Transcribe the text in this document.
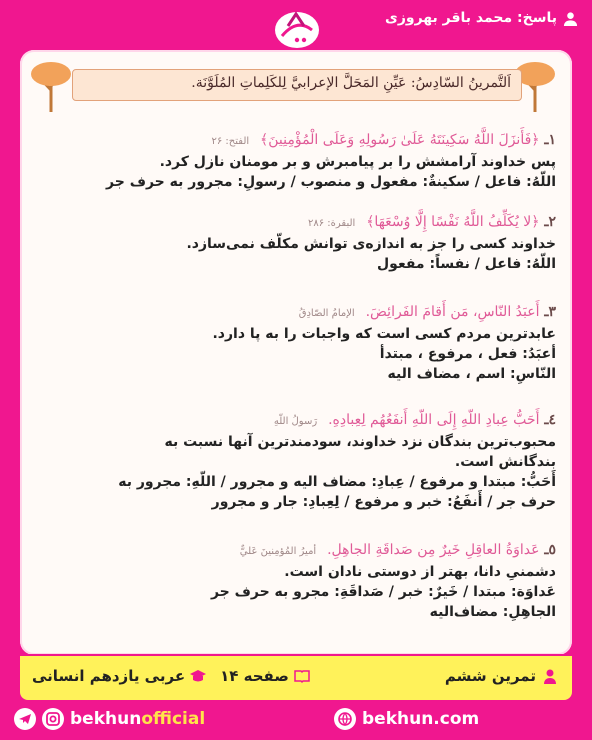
پاسخ: محمد باقر بهروزی
اَلتَّمرينُ السّادِسُ: عَيِّنِ المَحَلَّ الإعرابيَّ لِلكَلِماتِ المُلَوَّنَة.
۱ـ ﴿فَأَنزَلَ اللَّهُ سَكِينَتَهُ عَلَىٰ رَسُولِهِ وَعَلَى الْمُؤْمِنِينَ﴾ الفتح: ۲۶
پس خداوند آرامشش را بر پیامبرش و بر مومنان نازل کرد.
اللّهُ: فاعل / سکینةٌ: مفعول و منصوب / رسولِ: مجرور به حرف جر
۲ـ ﴿لا يُكَلِّفُ اللَّهُ نَفْسًا إِلَّا وُسْعَهَا﴾ البقرة: ۲۸۶
خداوند کسی را جز به اندازه‌ی توانش مکلّف نمی‌سازد.
اللّهُ: فاعل / نفساً: مفعول
۳ـ أَعبَدُ النّاسِ، مَن أَقامَ الفَرائِضَ. الإمامُ الصّادِقُ
عابدترین مردم کسی است که واجبات را به پا دارد.
أعبَدُ: فعل ، مرفوع ، مبتدأ
النّاسِ: اسم ، مضاف الیه
٤ـ أَحَبُّ عِبادِ اللّهِ إِلَى اللّهِ أَنفَعُهُم لِعِبادِهِ. رَسولُ اللّهِ
محبوب‌ترین بندگان نزد خداوند، سودمندترین آنها نسبت به
بندگانش است.
أَحَبُّ: مبتدا و مرفوع / عِبادِ: مضاف الیه و مجرور / اللّهِ: مجرور به
حرف جر / أَنفَعُ: خبر و مرفوع / لِعِبادِ: جار و مجرور
٥ـ عَداوَةُ العاقِلِ خَيرٌ مِن صَداقَةِ الجاهِلِ. أميرُ المُؤمِنينَ عَليٌّ
دشمنیِ دانا، بهتر از دوستی نادان است.
عَداوَة: مبتدا / خَيرٌ: خبر / صَداقَةِ: مجرو به حرف جر
الجاهِلِ: مضاف‌الیه
تمرین ششم
صفحه ۱۴
عربی یازدهم انسانی
bekhunofficial	bekhun.com
